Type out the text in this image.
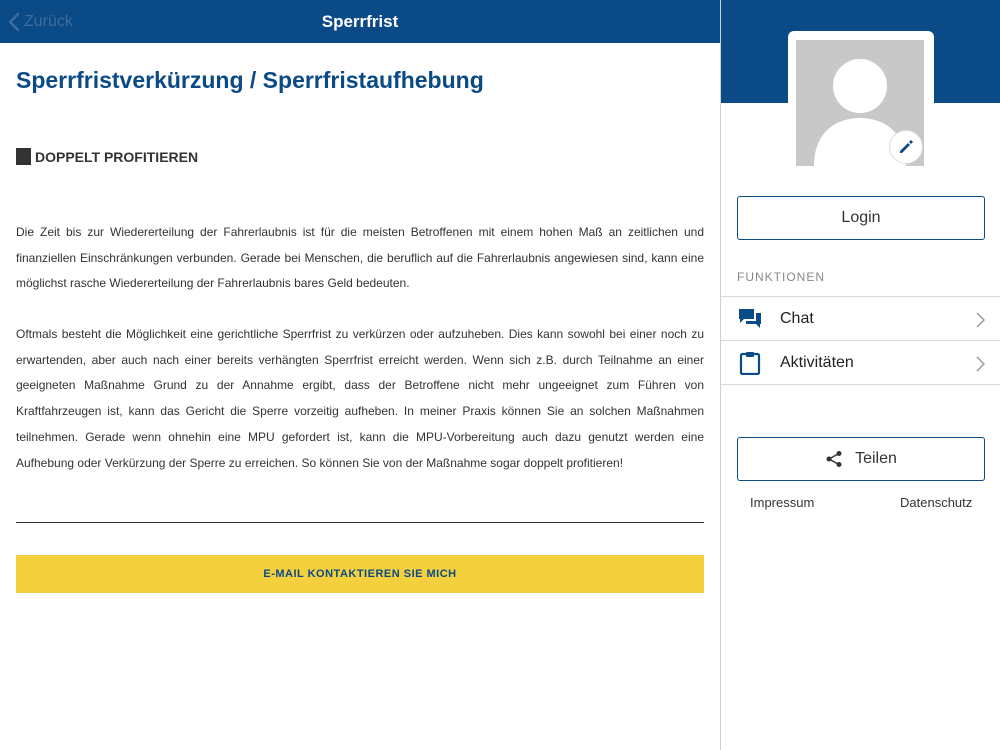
Zurück	Sperrfrist
Sperrfristverkürzung / Sperrfristaufhebung
DOPPELT PROFITIEREN

Die Zeit bis zur Wiedererteilung der Fahrerlaubnis ist für die meisten Betroffenen mit einem hohen Maß an zeitlichen und finanziellen Einschränkungen verbunden. Gerade bei Menschen, die beruflich auf die Fahrerlaubnis angewiesen sind, kann eine möglichst rasche Wiedererteilung der Fahrerlaubnis bares Geld bedeuten.

Oftmals besteht die Möglichkeit eine gerichtliche Sperrfrist zu verkürzen oder aufzuheben. Dies kann sowohl bei einer noch zu erwartenden, aber auch nach einer bereits verhängten Sperrfrist erreicht werden. Wenn sich z.B. durch Teilnahme an einer geeigneten Maßnahme Grund zu der Annahme ergibt, dass der Betroffene nicht mehr ungeeignet zum Führen von Kraftfahrzeugen ist, kann das Gericht die Sperre vorzeitig aufheben. In meiner Praxis können Sie an solchen Maßnahmen teilnehmen. Gerade wenn ohnehin eine MPU gefordert ist, kann die MPU-Vorbereitung auch dazu genutzt werden eine Aufhebung oder Verkürzung der Sperre zu erreichen. So können Sie von der Maßnahme sogar doppelt profitieren!

E-MAIL KONTAKTIEREN SIE MICH
Login
FUNKTIONEN
Chat
Aktivitäten
Teilen
Impressum	Datenschutz
